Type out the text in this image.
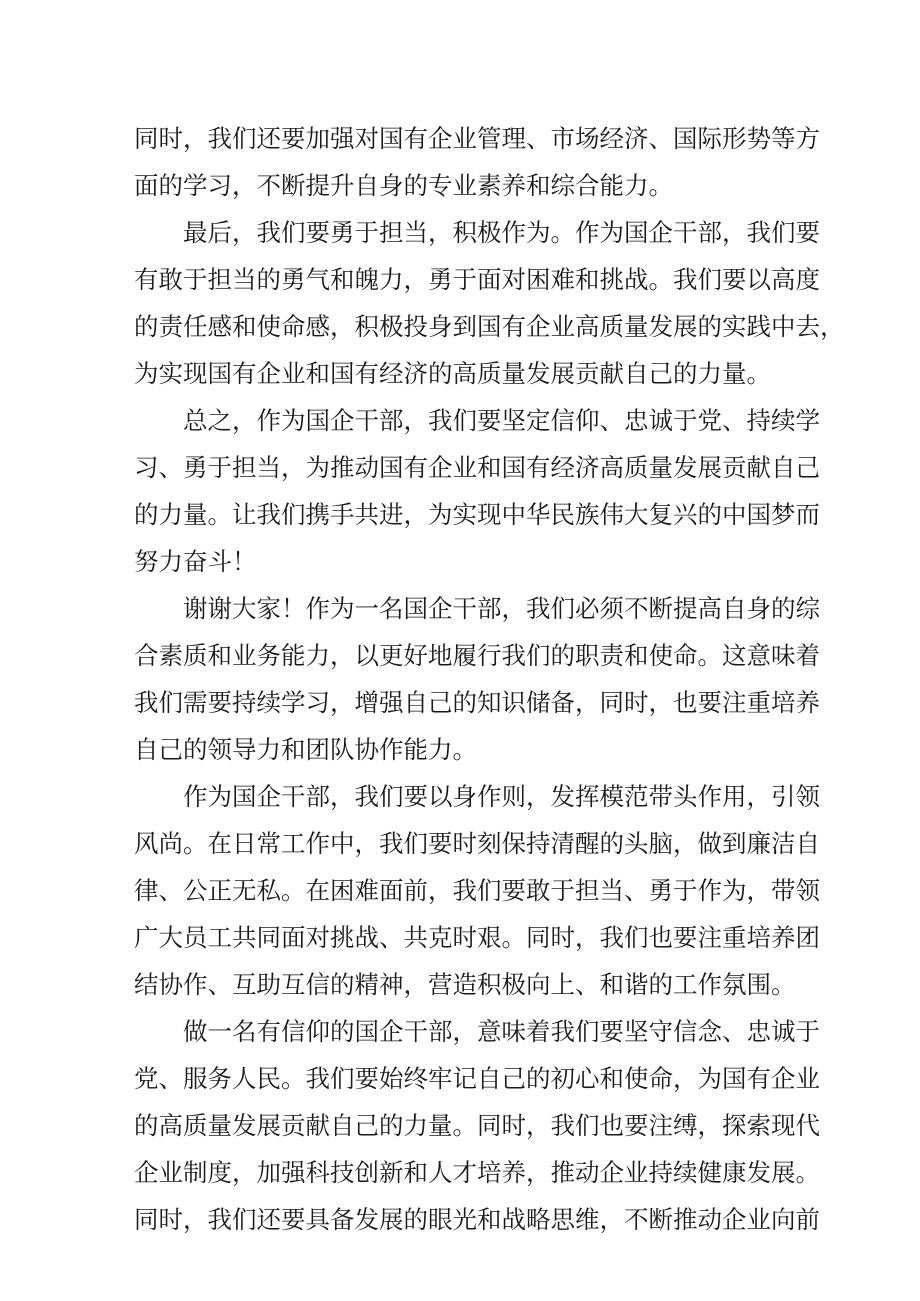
同时，我们还要加强对国有企业管理、市场经济、国际形势等方
面的学习，不断提升自身的专业素养和综合能力。
最后，我们要勇于担当，积极作为。作为国企干部，我们要
有敢于担当的勇气和魄力，勇于面对困难和挑战。我们要以高度
的责任感和使命感，积极投身到国有企业高质量发展的实践中去，
为实现国有企业和国有经济的高质量发展贡献自己的力量。
总之，作为国企干部，我们要坚定信仰、忠诚于党、持续学
习、勇于担当，为推动国有企业和国有经济高质量发展贡献自己
的力量。让我们携手共进，为实现中华民族伟大复兴的中国梦而
努力奋斗！
谢谢大家！作为一名国企干部，我们必须不断提高自身的综
合素质和业务能力，以更好地履行我们的职责和使命。这意味着
我们需要持续学习，增强自己的知识储备，同时，也要注重培养
自己的领导力和团队协作能力。
作为国企干部，我们要以身作则，发挥模范带头作用，引领
风尚。在日常工作中，我们要时刻保持清醒的头脑，做到廉洁自
律、公正无私。在困难面前，我们要敢于担当、勇于作为，带领
广大员工共同面对挑战、共克时艰。同时，我们也要注重培养团
结协作、互助互信的精神，营造积极向上、和谐的工作氛围。
做一名有信仰的国企干部，意味着我们要坚守信念、忠诚于
党、服务人民。我们要始终牢记自己的初心和使命，为国有企业
的高质量发展贡献自己的力量。同时，我们也要注缚，探索现代
企业制度，加强科技创新和人才培养，推动企业持续健康发展。
同时，我们还要具备发展的眼光和战略思维，不断推动企业向前
